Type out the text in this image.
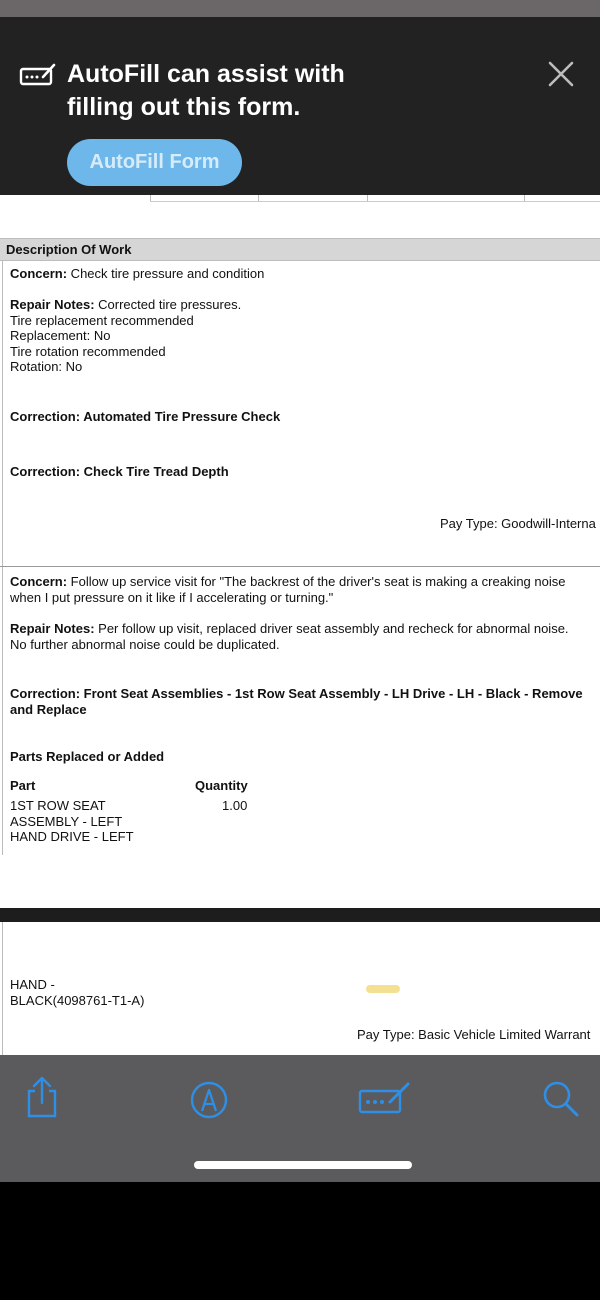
AutoFill can assist with
filling out this form.
AutoFill Form
Description Of Work
Concern: Check tire pressure and condition
Repair Notes: Corrected tire pressures.
Tire replacement recommended
Replacement: No
Tire rotation recommended
Rotation: No
Correction: Automated Tire Pressure Check
Correction: Check Tire Tread Depth
Pay Type: Goodwill-Interna
Concern: Follow up service visit for "The backrest of the driver's seat is making a creaking noise
when I put pressure on it like if I accelerating or turning."
Repair Notes: Per follow up visit, replaced driver seat assembly and recheck for abnormal noise.
No further abnormal noise could be duplicated.
Correction: Front Seat Assemblies - 1st Row Seat Assembly - LH Drive - LH - Black - Remove
and Replace
Parts Replaced or Added
Part	Quantity
1ST ROW SEAT
ASSEMBLY - LEFT
HAND DRIVE - LEFT
1.00
HAND -
BLACK(4098761-T1-A)
Pay Type: Basic Vehicle Limited Warrant
